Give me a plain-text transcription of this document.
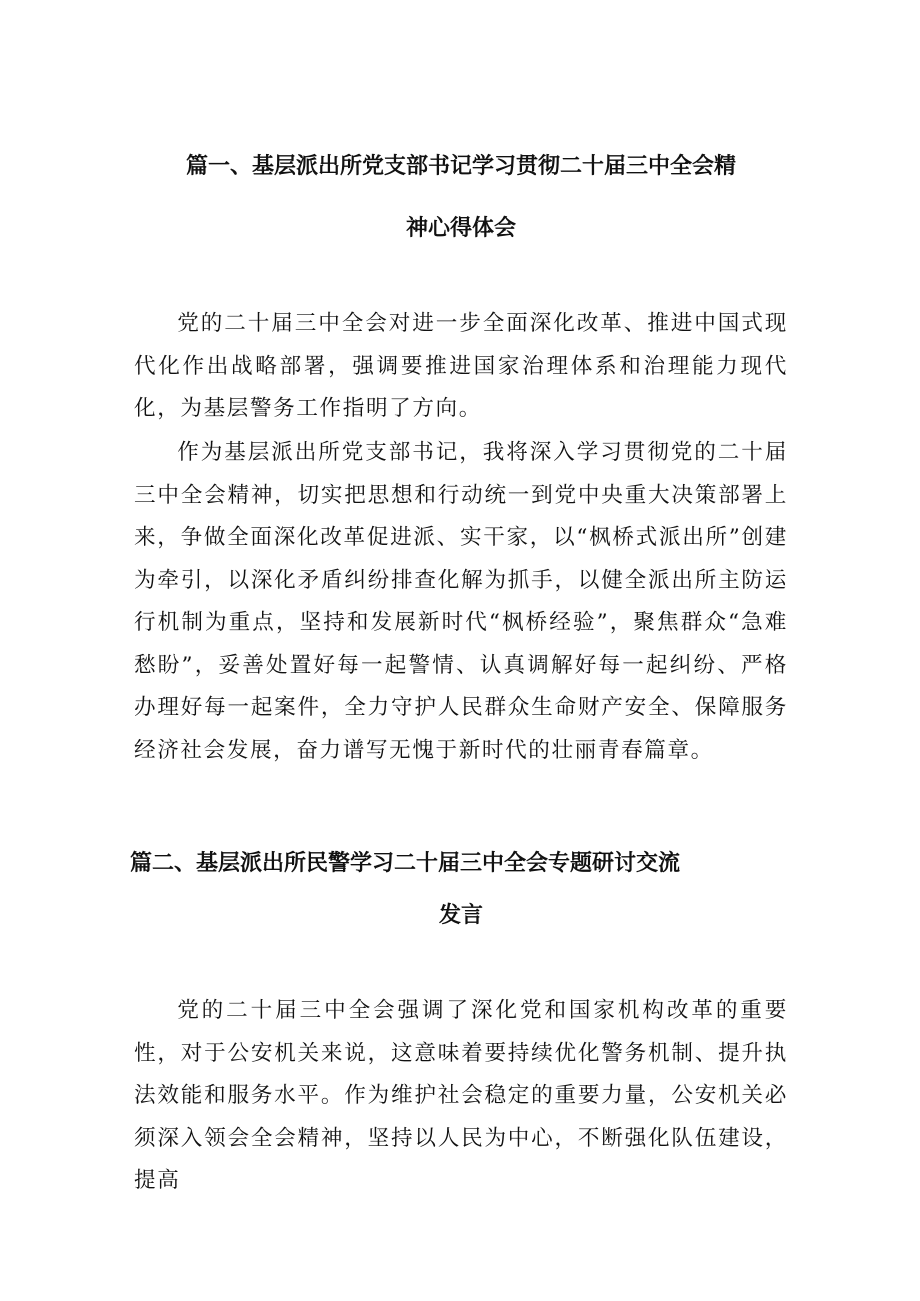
篇一、基层派出所党支部书记学习贯彻二十届三中全会精
神心得体会

党的二十届三中全会对进一步全面深化改革、推进中国式现代化作出战略部署，强调要推进国家治理体系和治理能力现代化，为基层警务工作指明了方向。

作为基层派出所党支部书记，我将深入学习贯彻党的二十届三中全会精神，切实把思想和行动统一到党中央重大决策部署上来，争做全面深化改革促进派、实干家，以“枫桥式派出所”创建为牵引，以深化矛盾纠纷排查化解为抓手，以健全派出所主防运行机制为重点，坚持和发展新时代“枫桥经验”，聚焦群众“急难愁盼”，妥善处置好每一起警情、认真调解好每一起纠纷、严格办理好每一起案件，全力守护人民群众生命财产安全、保障服务经济社会发展，奋力谱写无愧于新时代的壮丽青春篇章。

篇二、基层派出所民警学习二十届三中全会专题研讨交流
发言

党的二十届三中全会强调了深化党和国家机构改革的重要性，对于公安机关来说，这意味着要持续优化警务机制、提升执法效能和服务水平。作为维护社会稳定的重要力量，公安机关必须深入领会全会精神，坚持以人民为中心，不断强化队伍建设，提高
